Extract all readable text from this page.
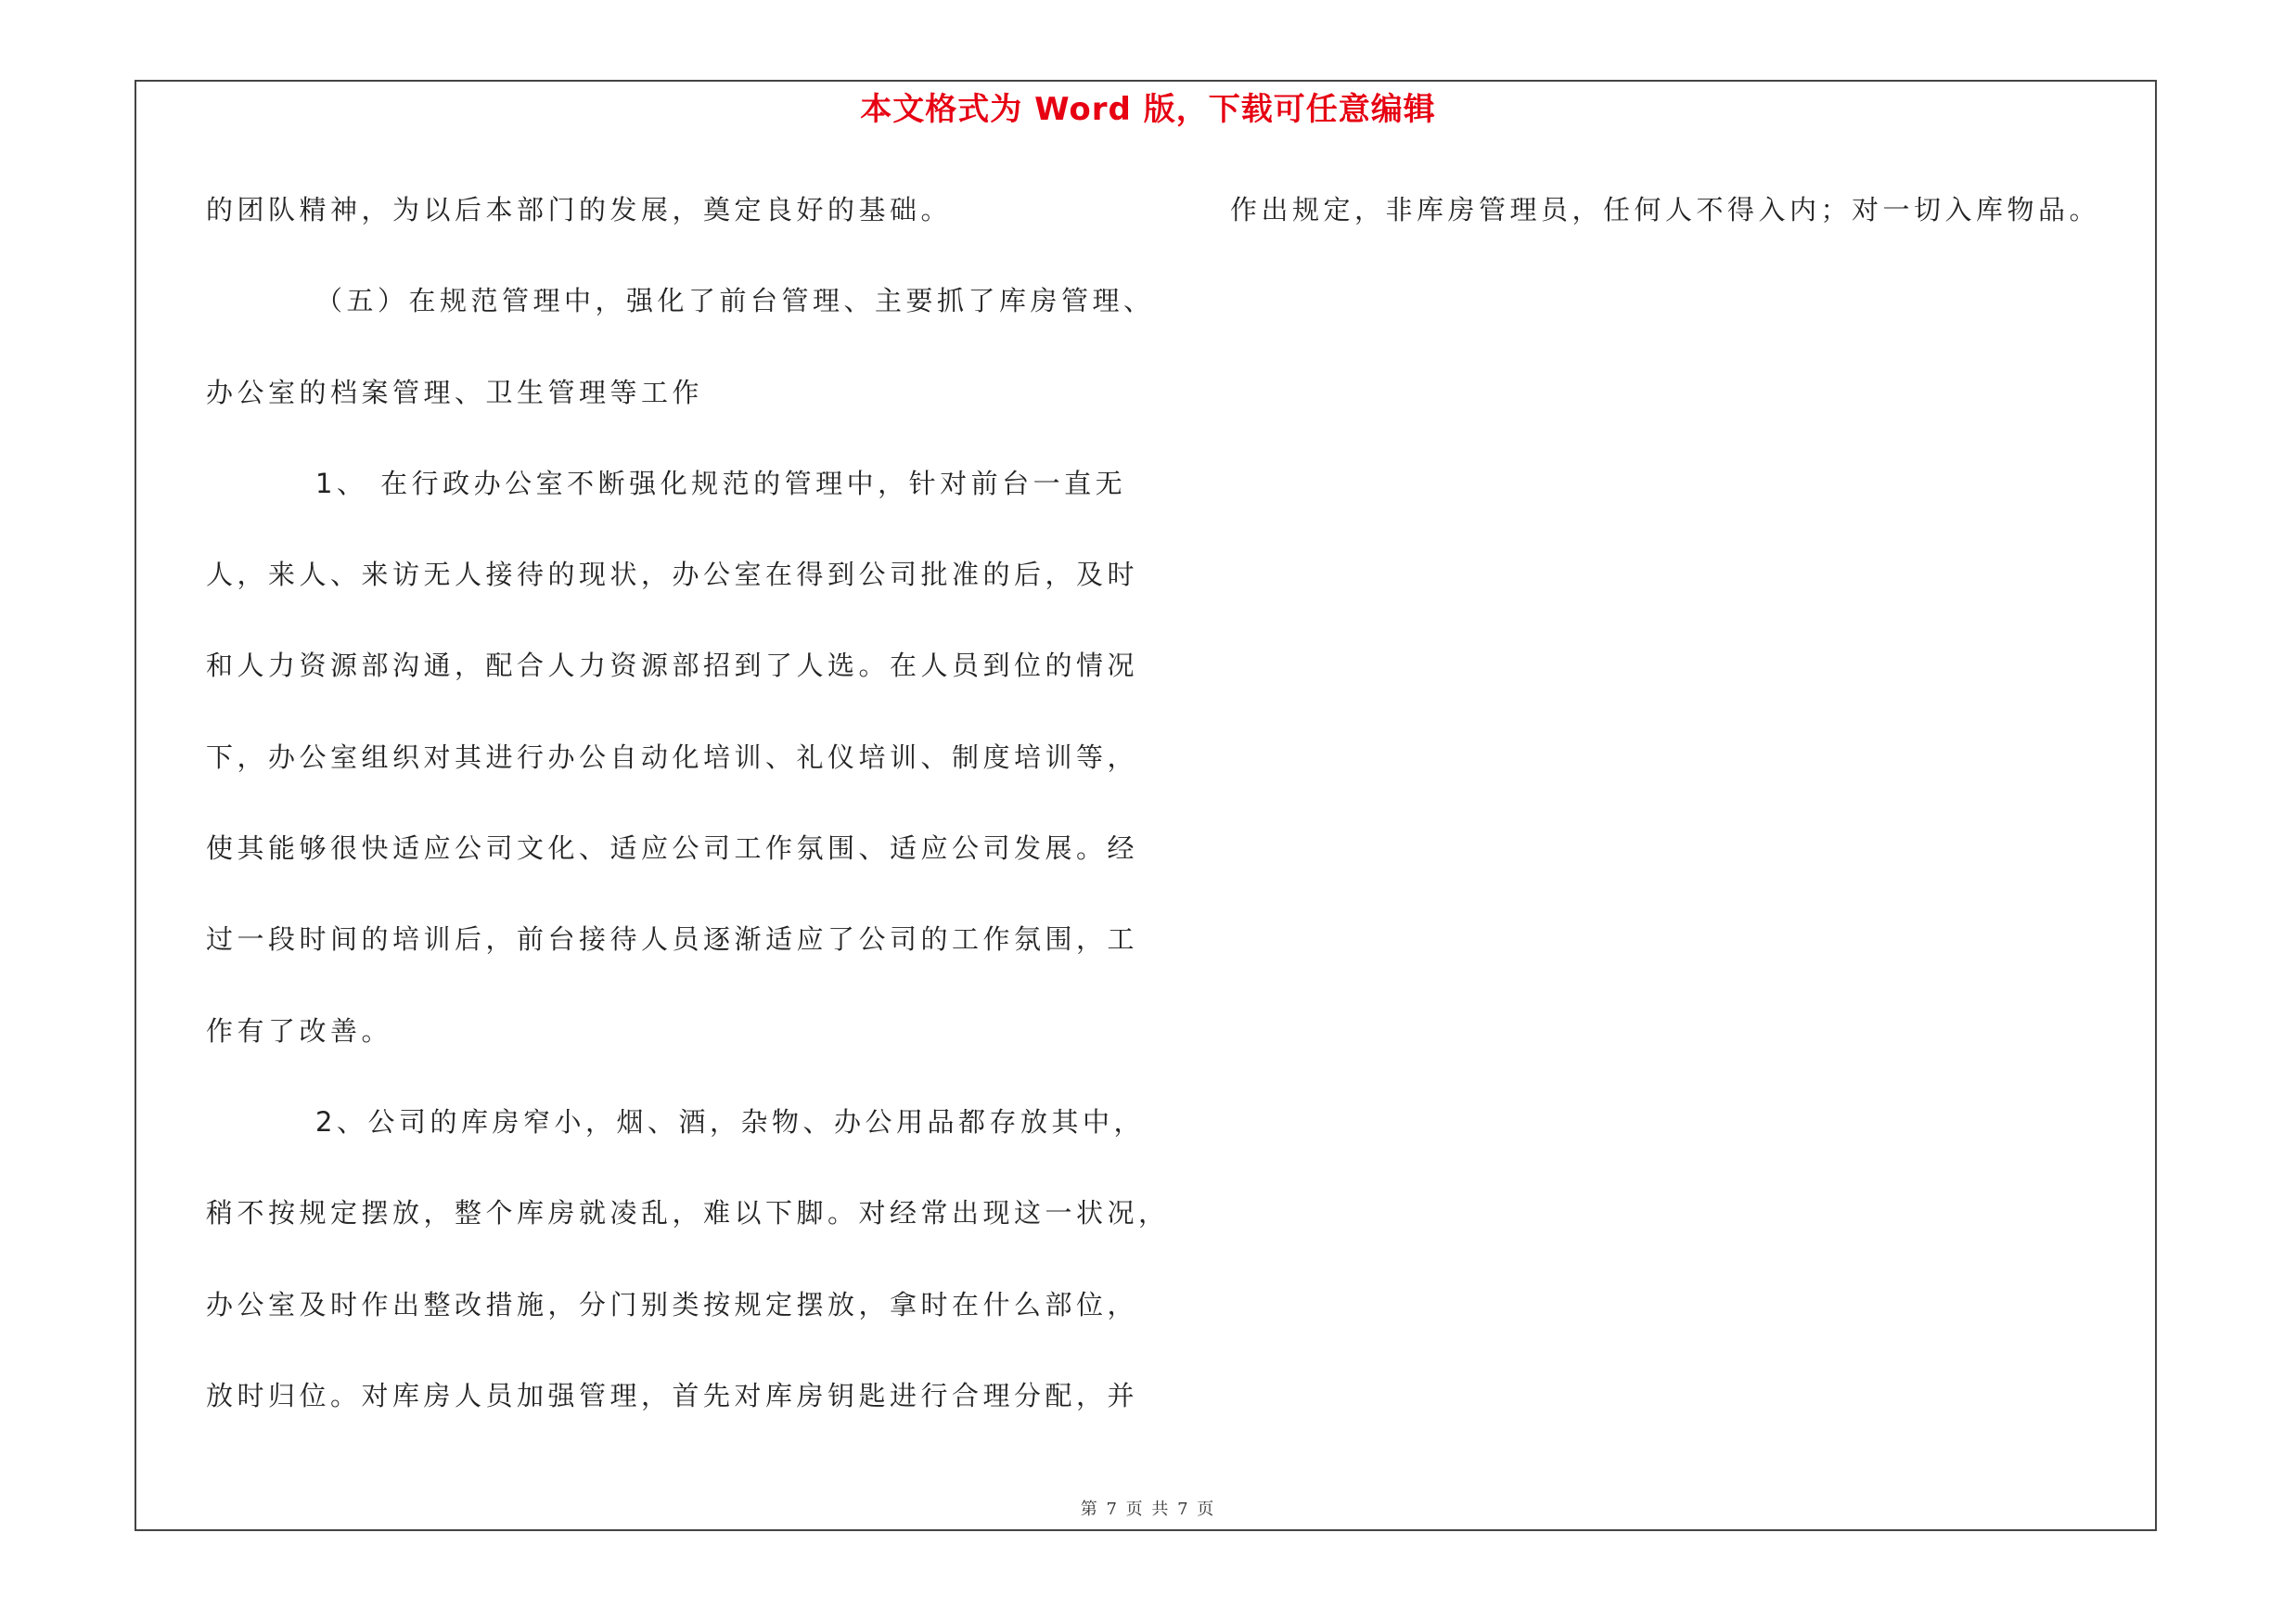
本文格式为 Word 版，下载可任意编辑
的团队精神，为以后本部门的发展，奠定良好的基础。
（五）在规范管理中，强化了前台管理、主要抓了库房管理、
办公室的档案管理、卫生管理等工作
1、 在行政办公室不断强化规范的管理中，针对前台一直无
人，来人、来访无人接待的现状，办公室在得到公司批准的后，及时
和人力资源部沟通，配合人力资源部招到了人选。在人员到位的情况
下，办公室组织对其进行办公自动化培训、礼仪培训、制度培训等，
使其能够很快适应公司文化、适应公司工作氛围、适应公司发展。经
过一段时间的培训后，前台接待人员逐渐适应了公司的工作氛围，工
作有了改善。
2、公司的库房窄小，烟、酒，杂物、办公用品都存放其中，
稍不按规定摆放，整个库房就凌乱，难以下脚。对经常出现这一状况，
办公室及时作出整改措施，分门别类按规定摆放，拿时在什么部位，
放时归位。对库房人员加强管理，首先对库房钥匙进行合理分配，并
作出规定，非库房管理员，任何人不得入内；对一切入库物品。
第 7 页 共 7 页
